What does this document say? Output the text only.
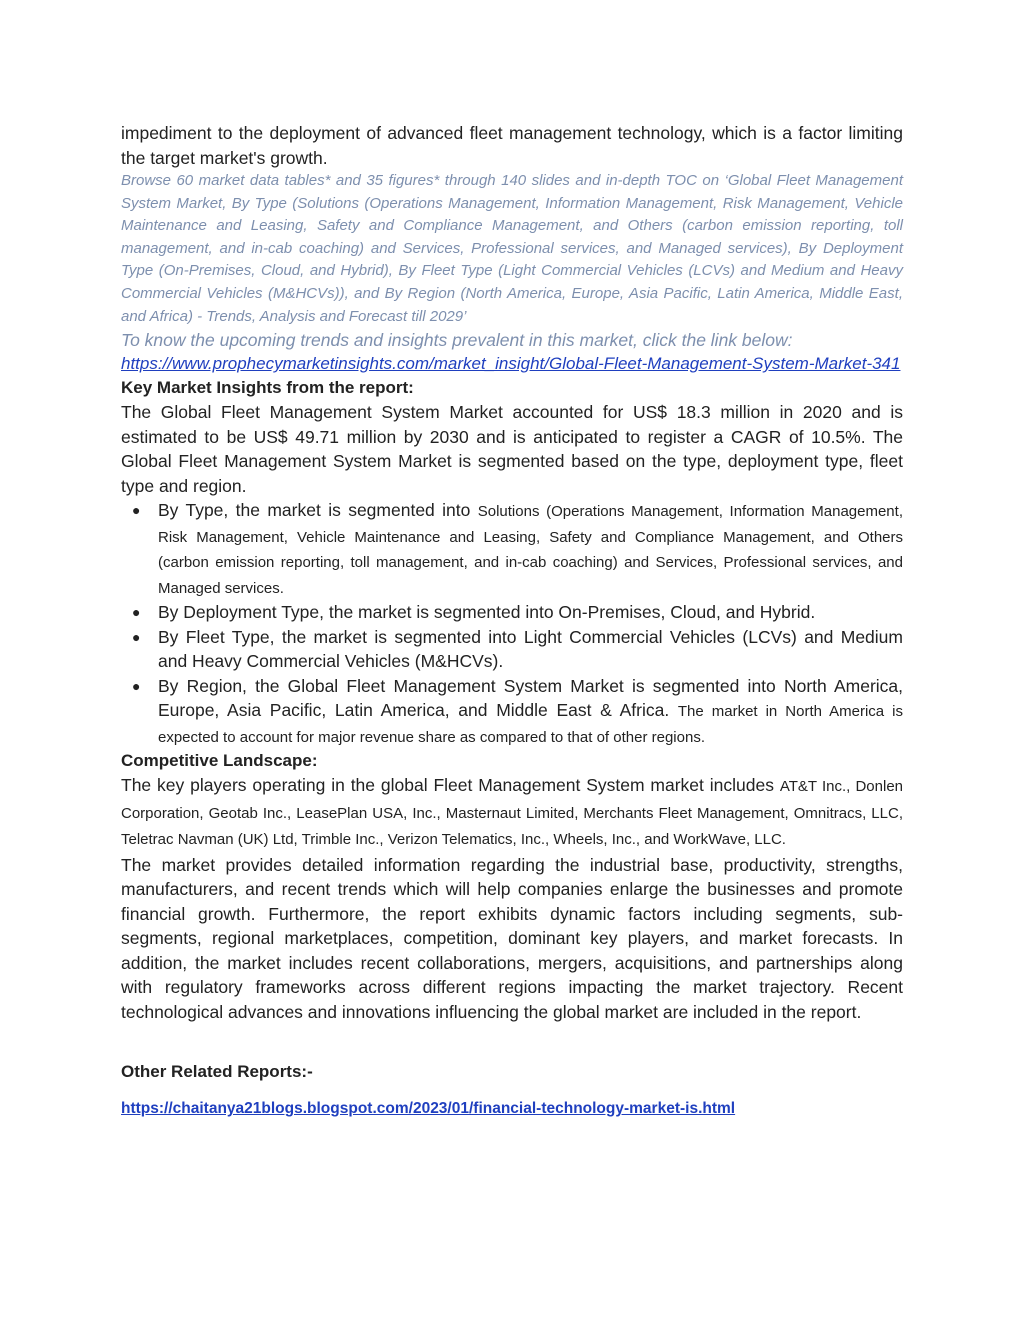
impediment to the deployment of advanced fleet management technology, which is a factor limiting the target market's growth.

Browse 60 market data tables* and 35 figures* through 140 slides and in-depth TOC on ‘Global Fleet Management System Market, By Type (Solutions (Operations Management, Information Management, Risk Management, Vehicle Maintenance and Leasing, Safety and Compliance Management, and Others (carbon emission reporting, toll management, and in-cab coaching) and Services, Professional services, and Managed services), By Deployment Type (On-Premises, Cloud, and Hybrid), By Fleet Type (Light Commercial Vehicles (LCVs) and Medium and Heavy Commercial Vehicles (M&HCVs)), and By Region (North America, Europe, Asia Pacific, Latin America, Middle East, and Africa) - Trends, Analysis and Forecast till 2029’

To know the upcoming trends and insights prevalent in this market, click the link below:

https://www.prophecymarketinsights.com/market_insight/Global-Fleet-Management-System-Market-341

Key Market Insights from the report:

The Global Fleet Management System Market accounted for US$ 18.3 million in 2020 and is estimated to be US$ 49.71 million by 2030 and is anticipated to register a CAGR of 10.5%. The Global Fleet Management System Market is segmented based on the type, deployment type, fleet type and region.

● By Type, the market is segmented into Solutions (Operations Management, Information Management, Risk Management, Vehicle Maintenance and Leasing, Safety and Compliance Management, and Others (carbon emission reporting, toll management, and in-cab coaching) and Services, Professional services, and Managed services.
● By Deployment Type, the market is segmented into On-Premises, Cloud, and Hybrid.
● By Fleet Type, the market is segmented into Light Commercial Vehicles (LCVs) and Medium and Heavy Commercial Vehicles (M&HCVs).
● By Region, the Global Fleet Management System Market is segmented into North America, Europe, Asia Pacific, Latin America, and Middle East & Africa. The market in North America is expected to account for major revenue share as compared to that of other regions.

Competitive Landscape:

The key players operating in the global Fleet Management System market includes AT&T Inc., Donlen Corporation, Geotab Inc., LeasePlan USA, Inc., Masternaut Limited, Merchants Fleet Management, Omnitracs, LLC, Teletrac Navman (UK) Ltd, Trimble Inc., Verizon Telematics, Inc., Wheels, Inc., and WorkWave, LLC.

The market provides detailed information regarding the industrial base, productivity, strengths, manufacturers, and recent trends which will help companies enlarge the businesses and promote financial growth. Furthermore, the report exhibits dynamic factors including segments, sub-segments, regional marketplaces, competition, dominant key players, and market forecasts. In addition, the market includes recent collaborations, mergers, acquisitions, and partnerships along with regulatory frameworks across different regions impacting the market trajectory. Recent technological advances and innovations influencing the global market are included in the report.

Other Related Reports:-

https://chaitanya21blogs.blogspot.com/2023/01/financial-technology-market-is.html
